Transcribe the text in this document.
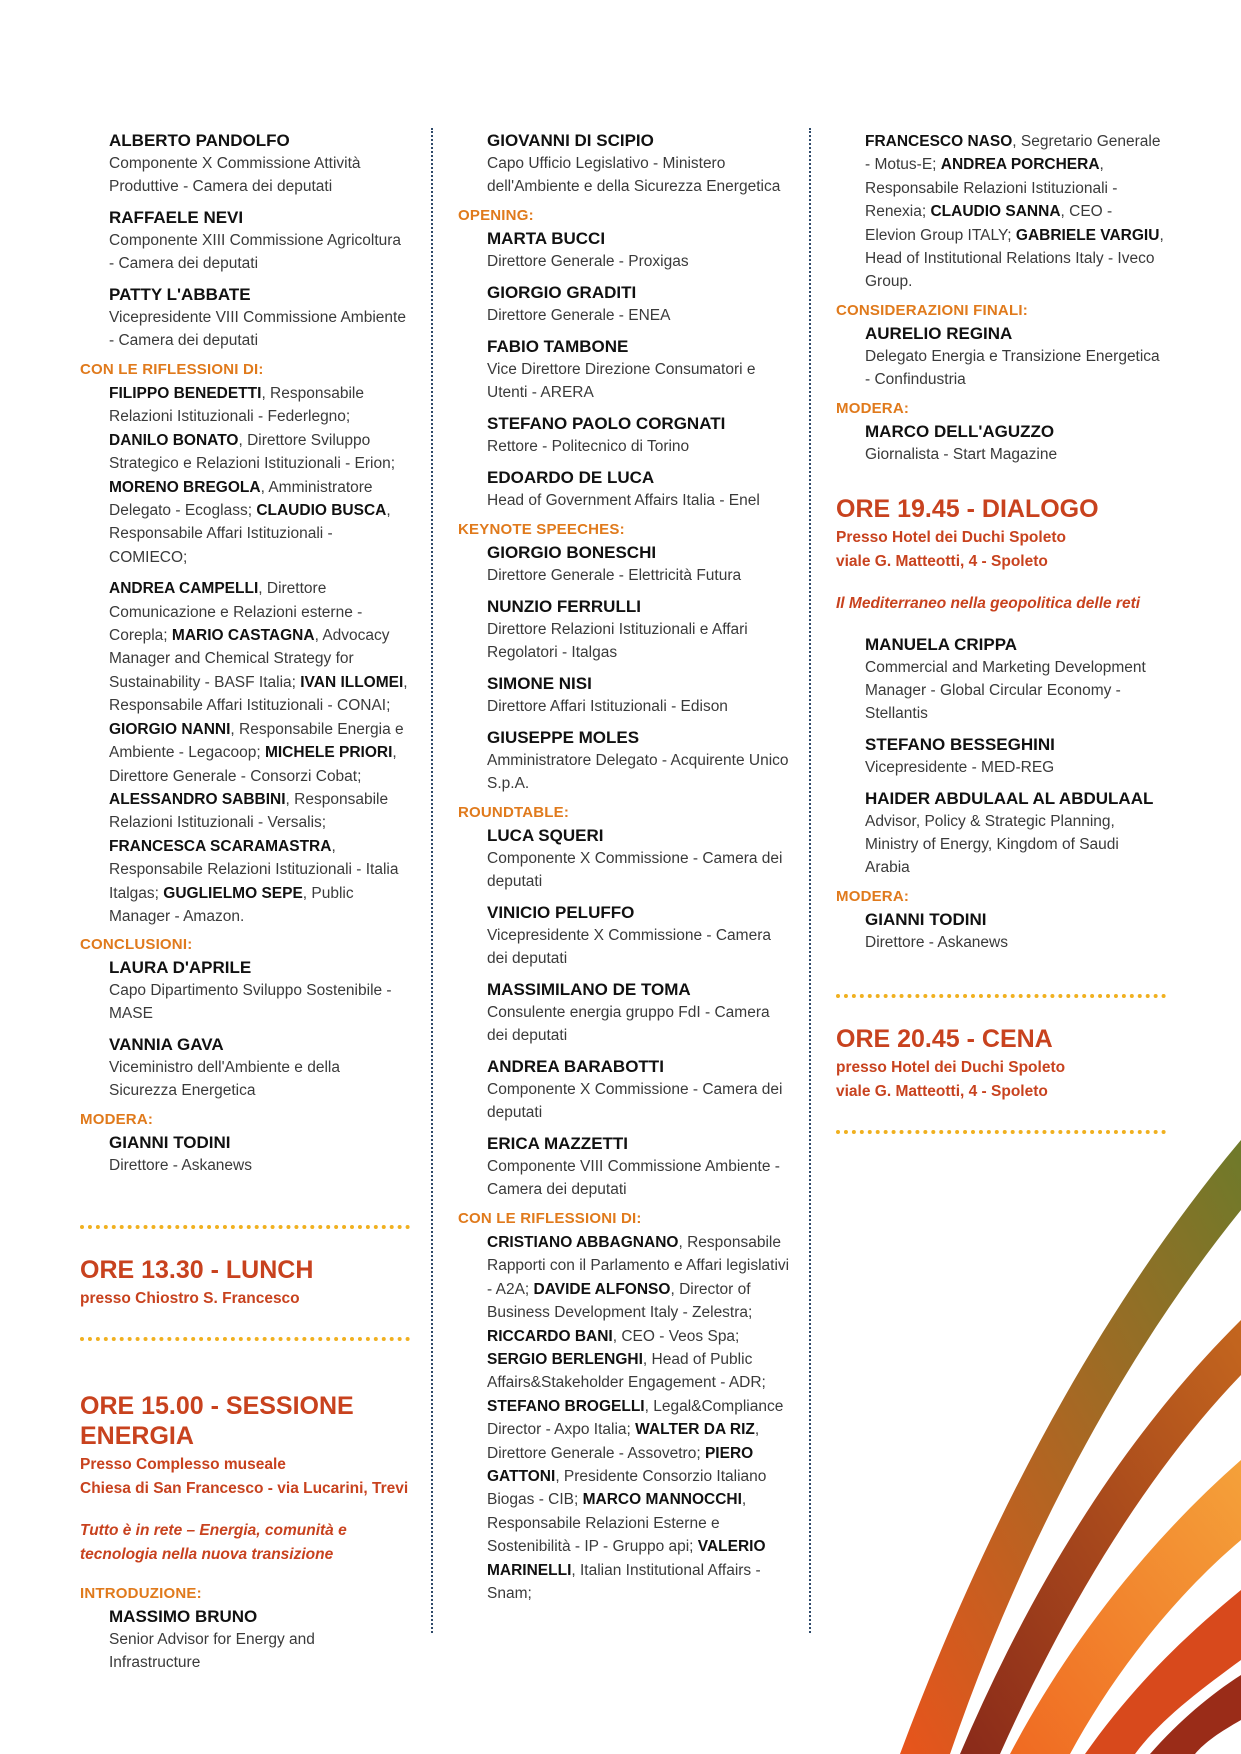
ALBERTO PANDOLFO
Componente X Commissione Attività Produttive - Camera dei deputati
RAFFAELE NEVI
Componente XIII Commissione Agricoltura - Camera dei deputati
PATTY L'ABBATE
Vicepresidente VIII Commissione Ambiente - Camera dei deputati
CON LE RIFLESSIONI DI:
FILIPPO BENEDETTI, Responsabile Relazioni Istituzionali - Federlegno; DANILO BONATO, Direttore Sviluppo Strategico e Relazioni Istituzionali - Erion; MORENO BREGOLA, Amministratore Delegato - Ecoglass; CLAUDIO BUSCA, Responsabile Affari Istituzionali - COMIECO;
ANDREA CAMPELLI, Direttore Comunicazione e Relazioni esterne - Corepla; MARIO CASTAGNA, Advocacy Manager and Chemical Strategy for Sustainability - BASF Italia; IVAN ILLOMEI, Responsabile Affari Istituzionali - CONAI; GIORGIO NANNI, Responsabile Energia e Ambiente - Legacoop; MICHELE PRIORI, Direttore Generale - Consorzi Cobat; ALESSANDRO SABBINI, Responsabile Relazioni Istituzionali - Versalis; FRANCESCA SCARAMASTRA, Responsabile Relazioni Istituzionali - Italia Italgas; GUGLIELMO SEPE, Public Manager - Amazon.
CONCLUSIONI:
LAURA D'APRILE
Capo Dipartimento Sviluppo Sostenibile - MASE
VANNIA GAVA
Viceministro dell'Ambiente e della Sicurezza Energetica
MODERA:
GIANNI TODINI
Direttore - Askanews
ORE 13.30 - LUNCH
presso Chiostro S. Francesco
ORE 15.00 - SESSIONE ENERGIA
Presso Complesso museale
Chiesa di San Francesco - via Lucarini, Trevi
Tutto è in rete – Energia, comunità e tecnologia nella nuova transizione
INTRODUZIONE:
MASSIMO BRUNO
Senior Advisor for Energy and Infrastructure
GIOVANNI DI SCIPIO
Capo Ufficio Legislativo - Ministero dell'Ambiente e della Sicurezza Energetica
OPENING:
MARTA BUCCI
Direttore Generale - Proxigas
GIORGIO GRADITI
Direttore Generale - ENEA
FABIO TAMBONE
Vice Direttore Direzione Consumatori e Utenti - ARERA
STEFANO PAOLO CORGNATI
Rettore - Politecnico di Torino
EDOARDO DE LUCA
Head of Government Affairs Italia - Enel
KEYNOTE SPEECHES:
GIORGIO BONESCHI
Direttore Generale - Elettricità Futura
NUNZIO FERRULLI
Direttore Relazioni Istituzionali e Affari Regolatori - Italgas
SIMONE NISI
Direttore Affari Istituzionali - Edison
GIUSEPPE MOLES
Amministratore Delegato - Acquirente Unico S.p.A.
ROUNDTABLE:
LUCA SQUERI
Componente X Commissione - Camera dei deputati
VINICIO PELUFFO
Vicepresidente X Commissione - Camera dei deputati
MASSIMILANO DE TOMA
Consulente energia gruppo FdI - Camera dei deputati
ANDREA BARABOTTI
Componente X Commissione - Camera dei deputati
ERICA MAZZETTI
Componente VIII Commissione Ambiente - Camera dei deputati
CON LE RIFLESSIONI DI:
CRISTIANO ABBAGNANO, Responsabile Rapporti con il Parlamento e Affari legislativi - A2A; DAVIDE ALFONSO, Director of Business Development Italy - Zelestra; RICCARDO BANI, CEO - Veos Spa; SERGIO BERLENGHI, Head of Public Affairs&Stakeholder Engagement - ADR; STEFANO BROGELLI, Legal&Compliance Director - Axpo Italia; WALTER DA RIZ, Direttore Generale - Assovetro; PIERO GATTONI, Presidente Consorzio Italiano Biogas - CIB; MARCO MANNOCCHI, Responsabile Relazioni Esterne e Sostenibilità - IP - Gruppo api; VALERIO MARINELLI, Italian Institutional Affairs - Snam;
FRANCESCO NASO, Segretario Generale - Motus-E; ANDREA PORCHERA, Responsabile Relazioni Istituzionali - Renexia; CLAUDIO SANNA, CEO - Elevion Group ITALY; GABRIELE VARGIU, Head of Institutional Relations Italy - Iveco Group.
CONSIDERAZIONI FINALI:
AURELIO REGINA
Delegato Energia e Transizione Energetica - Confindustria
MODERA:
MARCO DELL'AGUZZO
Giornalista - Start Magazine
ORE 19.45 - DIALOGO
Presso Hotel dei Duchi Spoleto
viale G. Matteotti, 4 - Spoleto
Il Mediterraneo nella geopolitica delle reti
MANUELA CRIPPA
Commercial and Marketing Development Manager - Global Circular Economy - Stellantis
STEFANO BESSEGHINI
Vicepresidente - MED-REG
HAIDER ABDULAAL AL ABDULAAL
Advisor, Policy & Strategic Planning, Ministry of Energy, Kingdom of Saudi Arabia
MODERA:
GIANNI TODINI
Direttore - Askanews
ORE 20.45 - CENA
presso Hotel dei Duchi Spoleto
viale G. Matteotti, 4 - Spoleto
